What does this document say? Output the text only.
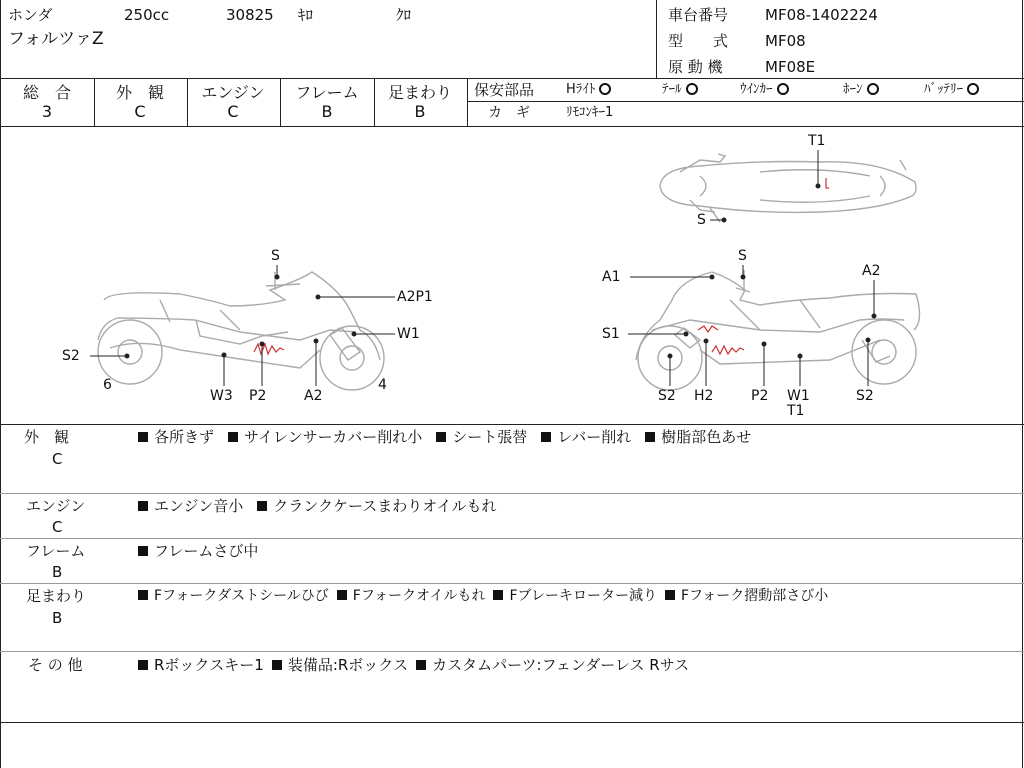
ホンダ	250cc	30825 ｷﾛ	ｸﾛ
フォルツァZ
車台番号 MF08-1402224
型　　式 MF08
原 動 機	MF08E
総　合
3
外　観
C
エンジン
C
フレーム
B
足まわり
B
保安部品 Hﾗｲﾄ	ﾃｰﾙ	ｳｲﾝｶｰ	ﾎｰﾝ	ﾊﾞｯﾃﾘｰ
カ　ギ	ﾘﾓｺﾝｷｰ1
S
A2P1
W1
S2
6
W3 P2	A2
4
A1
S
A2
S1
S2 H2	P2 W1
T1
S2
T1
S
外　観
C
各所きず サイレンサーカバー削れ小 シート張替 レバー削れ 樹脂部色あせ
エンジン
C
エンジン音小 クランクケースまわりオイルもれ
フレーム
B
フレームさび中
足まわり
B
Fフォークダストシールひび Fフォークオイルもれ Fブレーキローター減り Fフォーク摺動部さび小
そ の 他	Rボックスキー1 装備品:Rボックス カスタムパーツ:フェンダーレス Rサス
